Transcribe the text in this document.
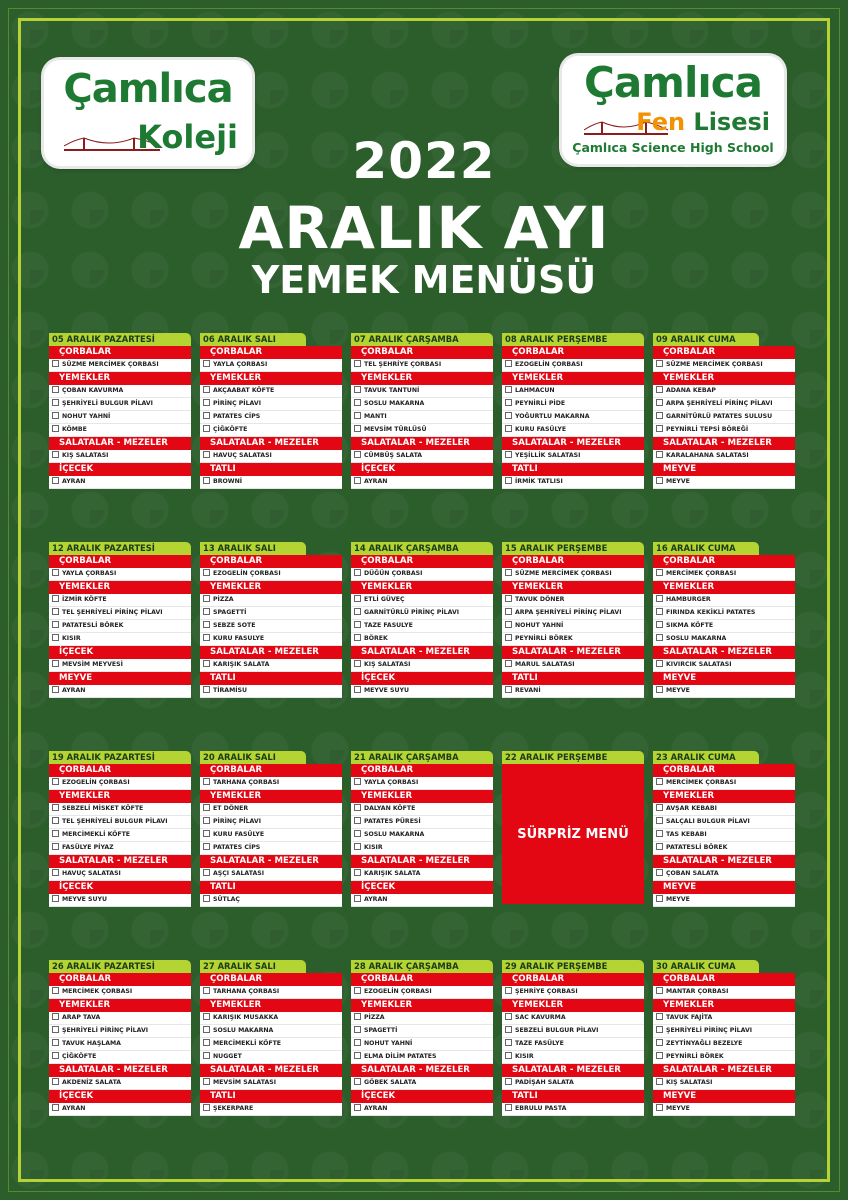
Çamlıca
Koleji
Çamlıca
Fen Lisesi
Çamlıca Science High School
2022
ARALIK AYI
YEMEK MENÜSÜ
05 ARALIK PAZARTESİ
ÇORBALAR
SÜZME MERCİMEK ÇORBASI
YEMEKLER
ÇOBAN KAVURMA
ŞEHRİYELİ BULGUR PİLAVI
NOHUT YAHNİ
KÖMBE
SALATALAR - MEZELER
KIŞ SALATASI
İÇECEK
AYRAN
06 ARALIK SALI
ÇORBALAR
YAYLA ÇORBASI
YEMEKLER
AKÇAABAT KÖFTE
PİRİNÇ PİLAVI
PATATES CİPS
ÇİĞKÖFTE
SALATALAR - MEZELER
HAVUÇ SALATASI
TATLI
BROWNİ
07 ARALIK ÇARŞAMBA
ÇORBALAR
TEL ŞEHRİYE ÇORBASI
YEMEKLER
TAVUK TANTUNİ
SOSLU MAKARNA
MANTI
MEVSİM TÜRLÜSÜ
SALATALAR - MEZELER
CÜMBÜŞ SALATA
İÇECEK
AYRAN
08 ARALIK PERŞEMBE
ÇORBALAR
EZOGELİN ÇORBASI
YEMEKLER
LAHMACUN
PEYNİRLİ PİDE
YOĞURTLU MAKARNA
KURU FASÜLYE
SALATALAR - MEZELER
YEŞİLLİK SALATASI
TATLI
İRMİK TATLISI
09 ARALIK CUMA
ÇORBALAR
SÜZME MERCİMEK ÇORBASI
YEMEKLER
ADANA KEBAP
ARPA ŞEHRİYELİ PİRİNÇ PİLAVI
GARNİTÜRLÜ PATATES SULUSU
PEYNİRLİ TEPSİ BÖREĞİ
SALATALAR - MEZELER
KARALAHANA SALATASI
MEYVE
MEYVE
12 ARALIK PAZARTESİ
ÇORBALAR
YAYLA ÇORBASI
YEMEKLER
İZMİR KÖFTE
TEL ŞEHRİYELİ PİRİNÇ PİLAVI
PATATESLİ BÖREK
KISIR
İÇECEK
MEVSİM MEYVESİ
MEYVE
AYRAN
13 ARALIK SALI
ÇORBALAR
EZOGELİN ÇORBASI
YEMEKLER
PİZZA
SPAGETTİ
SEBZE SOTE
KURU FASULYE
SALATALAR - MEZELER
KARIŞIK SALATA
TATLI
TİRAMİSU
14 ARALIK ÇARŞAMBA
ÇORBALAR
DÜĞÜN ÇORBASI
YEMEKLER
ETLİ GÜVEÇ
GARNİTÜRLÜ PİRİNÇ PİLAVI
TAZE FASULYE
BÖREK
SALATALAR - MEZELER
KIŞ SALATASI
İÇECEK
MEYVE SUYU
15 ARALIK PERŞEMBE
ÇORBALAR
SÜZME MERCİMEK ÇORBASI
YEMEKLER
TAVUK DÖNER
ARPA ŞEHRİYELİ PİRİNÇ PİLAVI
NOHUT YAHNİ
PEYNİRLİ BÖREK
SALATALAR - MEZELER
MARUL SALATASI
TATLI
REVANİ
16 ARALIK CUMA
ÇORBALAR
MERCİMEK ÇORBASI
YEMEKLER
HAMBURGER
FIRINDA KEKİKLİ PATATES
SIKMA KÖFTE
SOSLU MAKARNA
SALATALAR - MEZELER
KIVIRCIK SALATASI
MEYVE
MEYVE
19 ARALIK PAZARTESİ
ÇORBALAR
EZOGELİN ÇORBASI
YEMEKLER
SEBZELİ MİSKET KÖFTE
TEL ŞEHRİYELİ BULGUR PİLAVI
MERCİMEKLİ KÖFTE
FASÜLYE PİYAZ
SALATALAR - MEZELER
HAVUÇ SALATASI
İÇECEK
MEYVE SUYU
20 ARALIK SALI
ÇORBALAR
TARHANA ÇORBASI
YEMEKLER
ET DÖNER
PİRİNÇ PİLAVI
KURU FASÜLYE
PATATES CİPS
SALATALAR - MEZELER
AŞÇI SALATASI
TATLI
SÜTLAÇ
21 ARALIK ÇARŞAMBA
ÇORBALAR
YAYLA ÇORBASI
YEMEKLER
DALYAN KÖFTE
PATATES PÜRESİ
SOSLU MAKARNA
KISIR
SALATALAR - MEZELER
KARIŞIK SALATA
İÇECEK
AYRAN
22 ARALIK PERŞEMBE
SÜRPRİZ MENÜ
23 ARALIK CUMA
ÇORBALAR
MERCİMEK ÇORBASI
YEMEKLER
AVŞAR KEBABI
SALÇALI BULGUR PİLAVI
TAS KEBABI
PATATESLİ BÖREK
SALATALAR - MEZELER
ÇOBAN SALATA
MEYVE
MEYVE
26 ARALIK PAZARTESİ
ÇORBALAR
MERCİMEK ÇORBASI
YEMEKLER
ARAP TAVA
ŞEHRİYELİ PİRİNÇ PİLAVI
TAVUK HAŞLAMA
ÇİĞKÖFTE
SALATALAR - MEZELER
AKDENİZ SALATA
İÇECEK
AYRAN
27 ARALIK SALI
ÇORBALAR
TARHANA ÇORBASI
YEMEKLER
KARIŞIK MUSAKKA
SOSLU MAKARNA
MERCİMEKLİ KÖFTE
NUGGET
SALATALAR - MEZELER
MEVSİM SALATASI
TATLI
ŞEKERPARE
28 ARALIK ÇARŞAMBA
ÇORBALAR
EZOGELİN ÇORBASI
YEMEKLER
PİZZA
SPAGETTİ
NOHUT YAHNİ
ELMA DİLİM PATATES
SALATALAR - MEZELER
GÖBEK SALATA
İÇECEK
AYRAN
29 ARALIK PERŞEMBE
ÇORBALAR
ŞEHRİYE ÇORBASI
YEMEKLER
SAC KAVURMA
SEBZELİ BULGUR PİLAVI
TAZE FASÜLYE
KISIR
SALATALAR - MEZELER
PADİŞAH SALATA
TATLI
EBRULU PASTA
30 ARALIK CUMA
ÇORBALAR
MANTAR ÇORBASI
YEMEKLER
TAVUK FAJİTA
ŞEHRİYELİ PİRİNÇ PİLAVI
ZEYTİNYAĞLI BEZELYE
PEYNİRLİ BÖREK
SALATALAR - MEZELER
KIŞ SALATASI
MEYVE
MEYVE
